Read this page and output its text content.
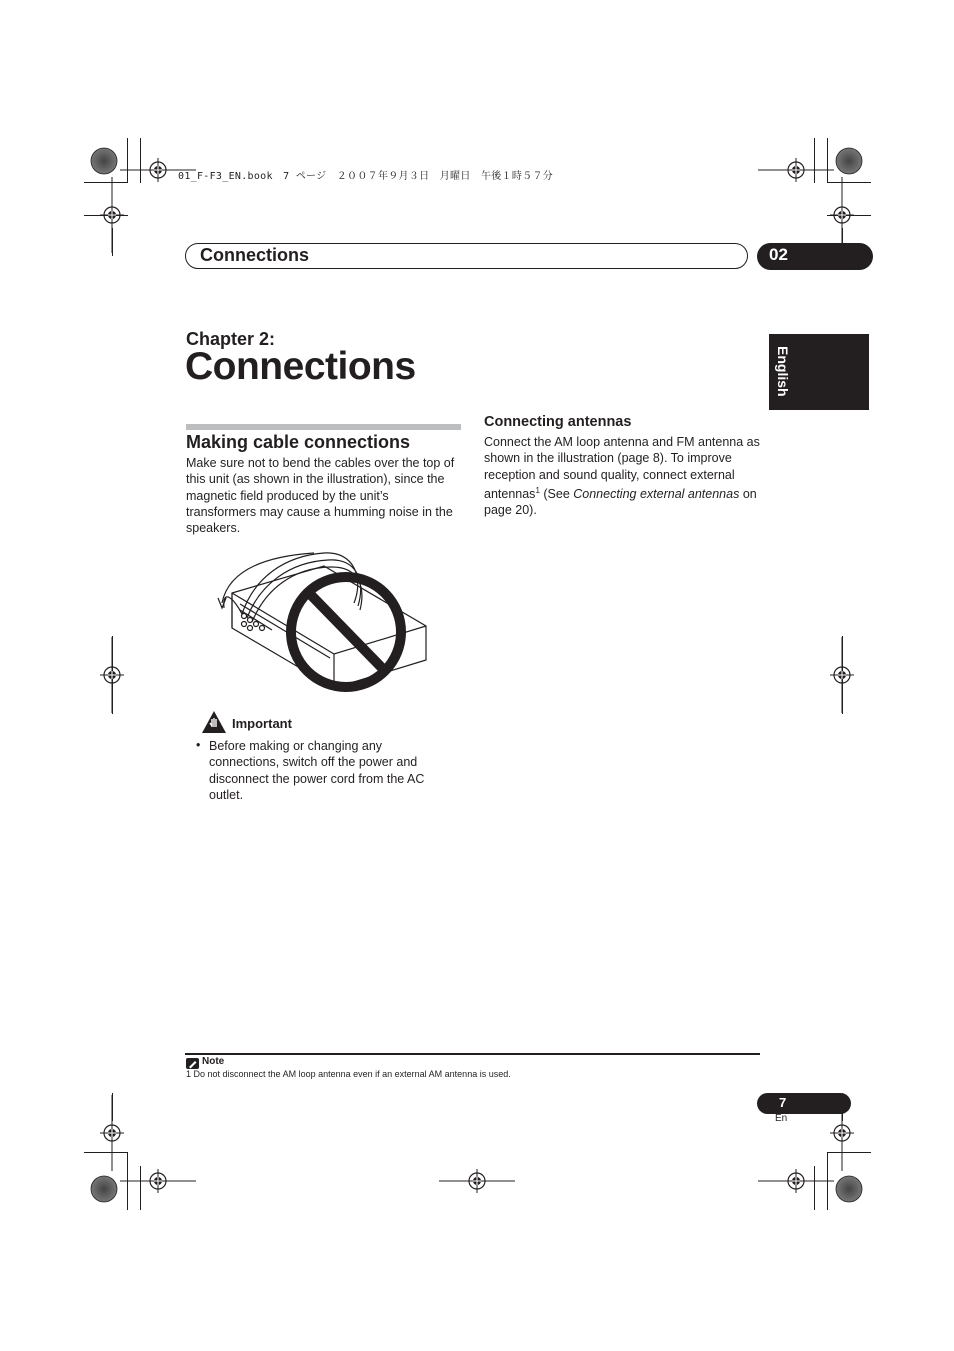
01_F-F3_EN.book　7 ページ　２００７年９月３日　月曜日　午後１時５７分
Connections	02
English
Chapter 2:
Connections
Making cable connections
Make sure not to bend the cables over the top of this unit (as shown in the illustration), since the magnetic field produced by the unit’s transformers may cause a humming noise in the speakers.
Important
• Before making or changing any connections, switch off the power and disconnect the power cord from the AC outlet.
Connecting antennas
Connect the AM loop antenna and FM antenna as shown in the illustration (page 8). To improve reception and sound quality, connect external antennas$^1$ (See Connecting external antennas on page 20).
Note
1 Do not disconnect the AM loop antenna even if an external AM antenna is used.
7
En
